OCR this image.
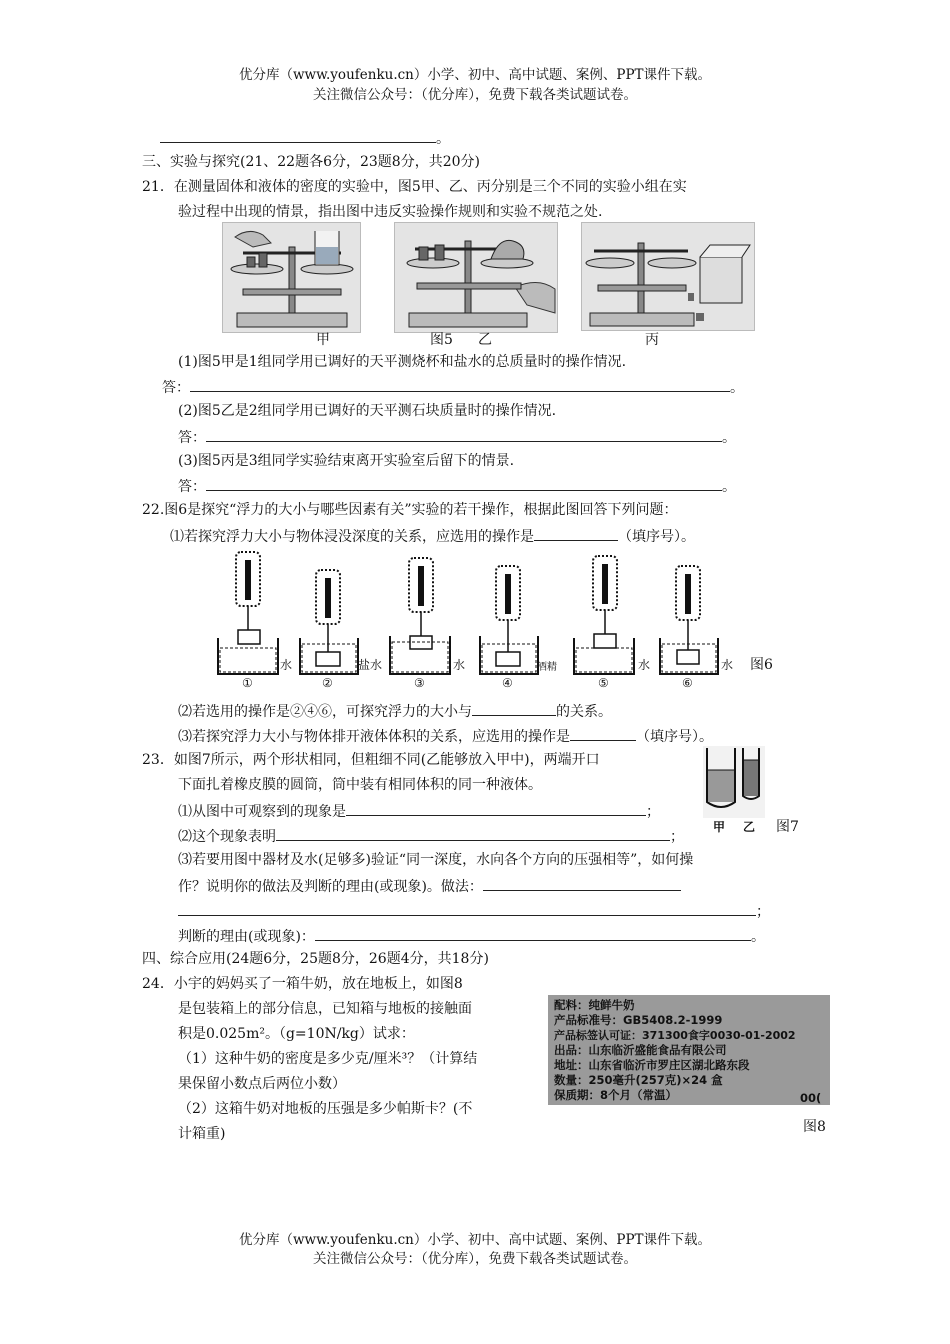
优分库（www.youfenku.cn）小学、初中、高中试题、案例、PPT课件下载。
关注微信公众号：（优分库），免费下载各类试题试卷。
。
三、实验与探究(21、22题各6分，23题8分，共20分)
21．在测量固体和液体的密度的实验中，图5甲、乙、丙分别是三个不同的实验小组在实
验过程中出现的情景，指出图中违反实验操作规则和实验不规范之处.
甲	图5 乙	丙
(1)图5甲是1组同学用已调好的天平测烧杯和盐水的总质量时的操作情况.
答：	。
(2)图5乙是2组同学用已调好的天平测石块质量时的操作情况.
答：	。
(3)图5丙是3组同学实验结束离开实验室后留下的情景.
答：	。
22.图6是探究“浮力的大小与哪些因素有关”实验的若干操作，根据此图回答下列问题：
⑴若探究浮力大小与物体浸没深度的关系，应选用的操作是	（填序号）。
水	盐水	水	酒精	水	水
①	②	③	④	⑤	⑥
图6
⑵若选用的操作是②④⑥，可探究浮力的大小与	的关系。
⑶若探究浮力大小与物体排开液体体积的关系，应选用的操作是	（填序号）。
23．如图7所示，两个形状相同，但粗细不同(乙能够放入甲中)，两端开口
下面扎着橡皮膜的圆筒，筒中装有相同体积的同一种液体。
甲 乙 图7
⑴从图中可观察到的现象是	；
⑵这个现象表明	；
⑶若要用图中器材及水(足够多)验证“同一深度，水向各个方向的压强相等”，如何操
作？说明你的做法及判断的理由(或现象)。做法：
；
判断的理由(或现象)：	。
四、综合应用(24题6分，25题8分，26题4分，共18分)
24．小宇的妈妈买了一箱牛奶，放在地板上，如图8
是包装箱上的部分信息，已知箱与地板的接触面
积是0.025m²。（g=10N/kg）试求：
（1）这种牛奶的密度是多少克/厘米³？（计算结
果保留小数点后两位小数）
（2）这箱牛奶对地板的压强是多少帕斯卡？(不
计箱重)
配料：纯鲜牛奶
产品标准号：GB5408.2-1999
产品标签认可证：371300食字0030-01-2002
出品：山东临沂盛能食品有限公司
地址：山东省临沂市罗庄区湖北路东段
数量：250毫升(257克)×24 盒
保质期：8个月（常温）	00(
图8
优分库（www.youfenku.cn）小学、初中、高中试题、案例、PPT课件下载。
关注微信公众号：（优分库），免费下载各类试题试卷。
